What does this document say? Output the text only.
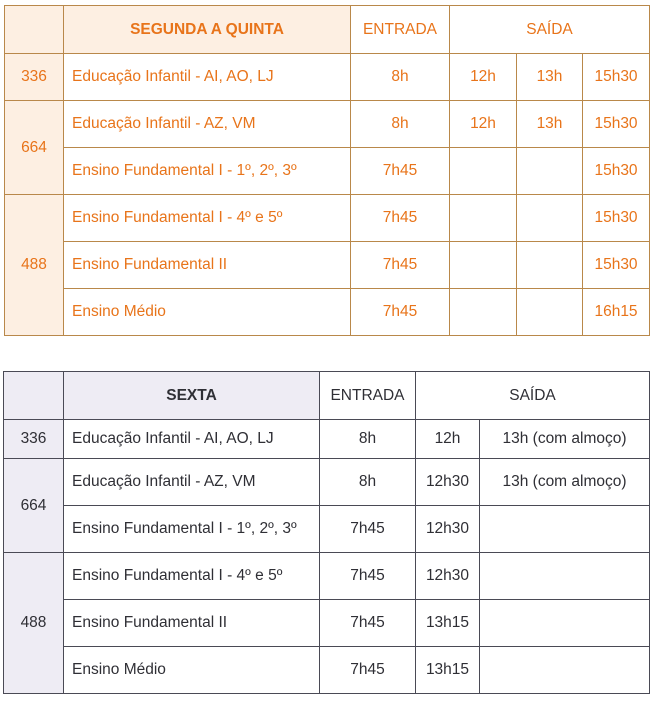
	SEGUNDA A QUINTA	ENTRADA	SAÍDA		
336	Educação Infantil - AI, AO, LJ	8h	12h	13h	15h30
664	Educação Infantil - AZ, VM	8h	12h	13h	15h30
	Ensino Fundamental I - 1º, 2º, 3º	7h45			15h30
488	Ensino Fundamental I - 4º e 5º	7h45			15h30
	Ensino Fundamental II	7h45			15h30
	Ensino Médio	7h45			16h15
	SEXTA	ENTRADA	SAÍDA	
336	Educação Infantil - AI, AO, LJ	8h	12h	13h (com almoço)
664	Educação Infantil - AZ, VM	8h	12h30	13h (com almoço)
	Ensino Fundamental I - 1º, 2º, 3º	7h45	12h30	
488	Ensino Fundamental I - 4º e 5º	7h45	12h30	
	Ensino Fundamental II	7h45	13h15	
	Ensino Médio	7h45	13h15	
